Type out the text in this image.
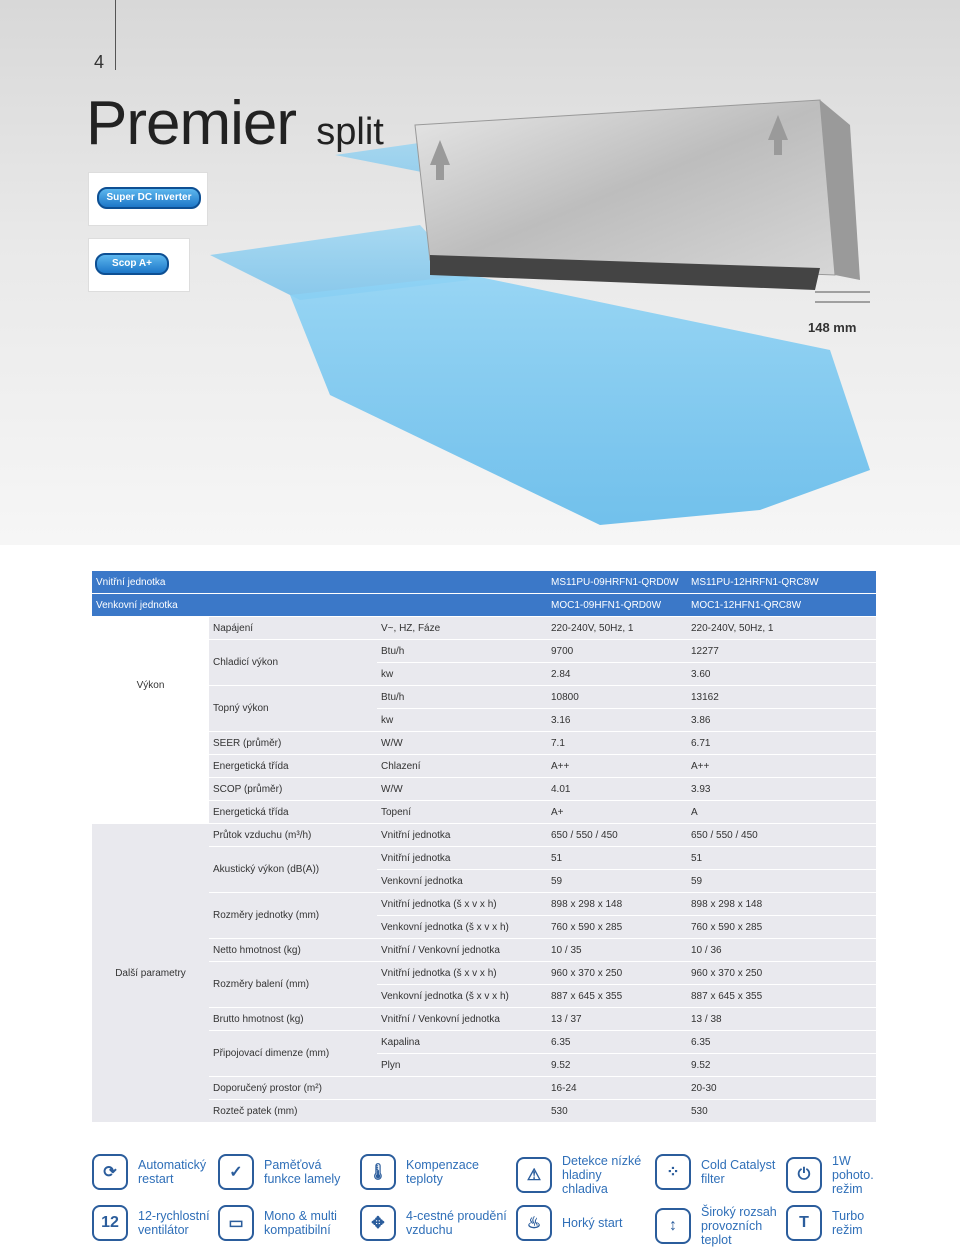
4
Premier split
Super DC Inverter
Scop A+
148 mm
Vnitřní jednotka			MS11PU-09HRFN1-QRD0W	MS11PU-12HRFN1-QRC8W
Venkovní jednotka			MOC1-09HFN1-QRD0W	MOC1-12HFN1-QRC8W
	Napájení	V~, HZ, Fáze	220-240V, 50Hz, 1	220-240V, 50Hz, 1
Výkon	Chladicí výkon	Btu/h	9700	12277
		kw	2.84	3.60
	Topný výkon	Btu/h	10800	13162
		kw	3.16	3.86
	SEER (průměr)	W/W	7.1	6.71
	Energetická třída	Chlazení	A++	A++
	SCOP (průměr)	W/W	4.01	3.93
	Energetická třída	Topení	A+	A
Další parametry	Průtok vzduchu (m³/h)	Vnitřní jednotka	650 / 550 / 450	650 / 550 / 450
	Akustický výkon (dB(A))	Vnitřní jednotka	51	51
		Venkovní jednotka	59	59
	Rozměry jednotky (mm)	Vnitřní jednotka (š x v x h)	898 x 298 x 148	898 x 298 x 148
		Venkovní jednotka (š x v x h)	760 x 590 x 285	760 x 590 x 285
	Netto hmotnost (kg)	Vnitřní / Venkovní jednotka	10 / 35	10 / 36
	Rozměry balení (mm)	Vnitřní jednotka (š x v x h)	960 x 370 x 250	960 x 370 x 250
		Venkovní jednotka (š x v x h)	887 x 645 x 355	887 x 645 x 355
	Brutto hmotnost (kg)	Vnitřní / Venkovní jednotka	13 / 37	13 / 38
	Připojovací dimenze (mm)	Kapalina	6.35	6.35
		Plyn	9.52	9.52
	Doporučený prostor (m²)		16-24	20-30
	Rozteč patek (mm)		530	530
⟳	Automatický restart	✓	Paměťová funkce lamely	🌡	Kompenzace teploty	⚠
Detekce nízké hladiny chladiva
⁘	Cold Catalyst filter	⏻
1W pohoto. režim
12	12-rychlostní ventilátor	▭	Mono & multi kompatibilní	✥	4-cestné proudění vzduchu	♨	Horký start	↕
Široký rozsah provozních teplot
T	Turbo režim
